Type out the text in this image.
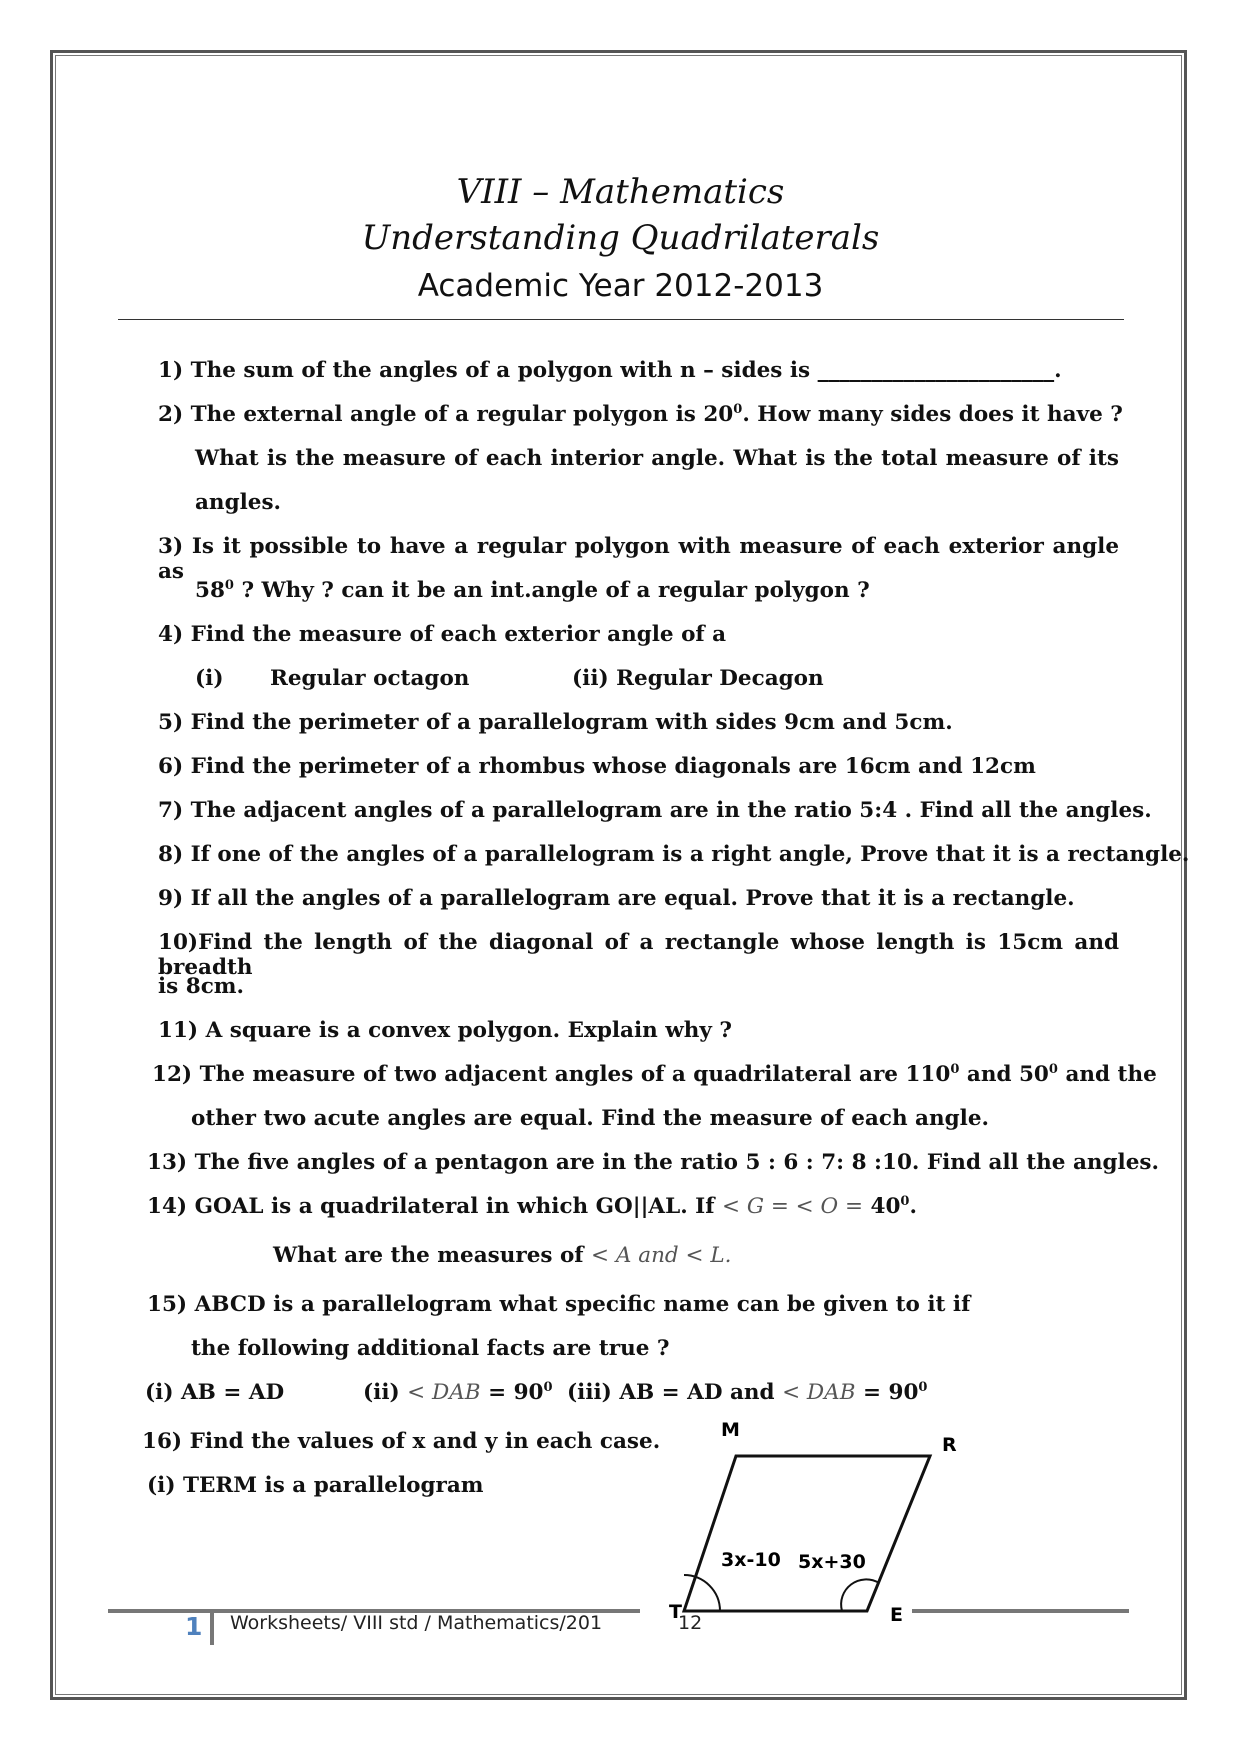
VIII – Mathematics
Understanding Quadrilaterals
Academic Year 2012-2013
1) The sum of the angles of a polygon with n – sides is ______________________.
2) The external angle of a regular polygon is $20^0$. How many sides does it have ?
What is the measure of each interior angle. What is the total measure of its
angles.
3) Is it possible to have a regular polygon with measure of each exterior angle as
$58^0$ ? Why ? can it be an int.angle of a regular polygon ?
4) Find the measure of each exterior angle of a
(i) Regular octagon	(ii) Regular Decagon
5) Find the perimeter of a parallelogram with sides 9cm and 5cm.
6) Find the perimeter of a rhombus whose diagonals are 16cm and 12cm
7) The adjacent angles of a parallelogram are in the ratio 5:4 . Find all the angles.
8) If one of the angles of a parallelogram is a right angle, Prove that it is a rectangle.
9) If all the angles of a parallelogram are equal. Prove that it is a rectangle.
10)Find the length of the diagonal of a rectangle whose length is 15cm and breadth
is 8cm.
11) A square is a convex polygon. Explain why ?
12) The measure of two adjacent angles of a quadrilateral are $110^0$ and $50^0$ and the
other two acute angles are equal. Find the measure of each angle.
13) The five angles of a pentagon are in the ratio 5 : 6 : 7: 8 :10. Find all the angles.
14) GOAL is a quadrilateral in which GO||AL. If < G = < $O = 40^0$.
What are the measures of < A and < L.
15) ABCD is a parallelogram what specific name can be given to it if
the following additional facts are true ?
(i) AB = AD	(ii) < DAB = $90^0$ (iii) AB = AD and < DAB = $90^0$
16) Find the values of x and y in each case.
(i) TERM is a parallelogram
M
R
T	E
3x-10 5x+30
1 Worksheets/ VIII std / Mathematics/201	12
